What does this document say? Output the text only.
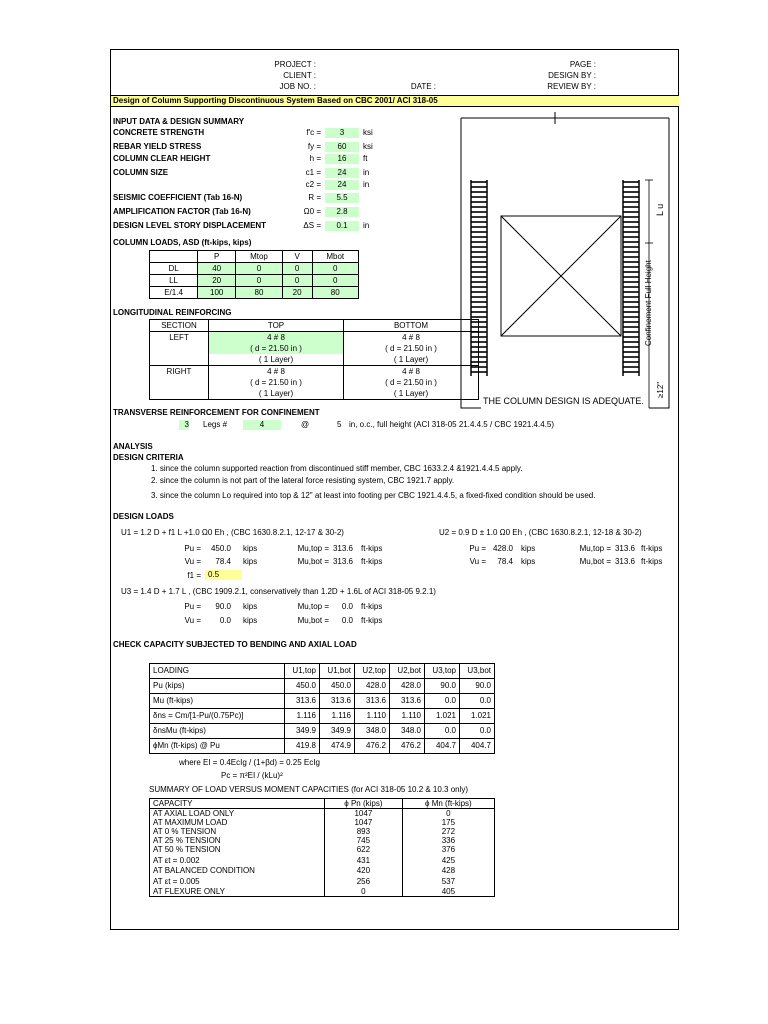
PROJECT :
CLIENT :
JOB NO. :	DATE :
PAGE :
DESIGN BY :
REVIEW BY :
Design of Column Supporting Discontinuous System Based on CBC 2001/ ACI 318-05
INPUT DATA & DESIGN SUMMARY
CONCRETE STRENGTH	f'c =	3	ksi
REBAR YIELD STRESS	fy =	60	ksi
COLUMN CLEAR HEIGHT	h =	16	ft
COLUMN SIZE	c1 =	24	in
c2 =	24	in
SEISMIC COEFFICIENT (Tab 16-N)	R =	5.5
AMPLIFICATION FACTOR (Tab 16-N)	Ω0 =	2.8
DESIGN LEVEL STORY DISPLACEMENT	ΔS =	0.1	in
COLUMN LOADS, ASD (ft-kips, kips)
	P	Mtop	V	Mbot
DL	40	0	0	0
LL	20	0	0	0
E/1.4	100	80	20	80
LONGITUDINAL REINFORCING
SECTION	TOP	BOTTOM
LEFT	4 # 8	4 # 8
	( d = 21.50 in )	( d = 21.50 in )
	( 1 Layer)	( 1 Layer)
RIGHT	4 # 8	4 # 8
	( d = 21.50 in )	( d = 21.50 in )
	( 1 Layer)	( 1 Layer)
L u
≥12"
Confinement Full Height
THE COLUMN DESIGN IS ADEQUATE.
TRANSVERSE REINFORCEMENT FOR CONFINEMENT
3 Legs #	4	@	5 in, o.c., full height (ACI 318-05 21.4.4.5 / CBC 1921.4.4.5)
ANALYSIS
DESIGN CRITERIA
1. since the column supported reaction from discontinued stiff member, CBC 1633.2.4 &1921.4.4.5 apply.
2. since the column is not part of the lateral force resisting system, CBC 1921.7 apply.
3. since the column Lo required into top & 12" at least into footing per CBC 1921.4.4.5, a fixed-fixed condition should be used.
DESIGN LOADS
U1 = 1.2 D + f1 L +1.0 Ω0 Eh , (CBC 1630.8.2.1, 12-17 & 30-2)	U2 = 0.9 D ± 1.0 Ω0 Eh , (CBC 1630.8.2.1, 12-18 & 30-2)
Pu =	450.0 kips	Mu,top = 313.6 ft-kips
Vu =	78.4 kips	Mu,bot = 313.6 ft-kips
f1 = 0.5
Pu = 428.0 kips	Mu,top = 313.6 ft-kips
Vu =	78.4 kips	Mu,bot = 313.6 ft-kips
U3 = 1.4 D + 1.7 L , (CBC 1909.2.1, conservatively than 1.2D + 1.6L of ACI 318-05 9.2.1)
Pu =	90.0 kips	Mu,top =	0.0 ft-kips
Vu =	0.0 kips	Mu,bot =	0.0 ft-kips
CHECK CAPACITY SUBJECTED TO BENDING AND AXIAL LOAD
LOADING	U1,top	U1,bot	U2,top	U2,bot	U3,top	U3,bot
Pu (kips)	450.0	450.0	428.0	428.0	90.0	90.0
Mu (ft-kips)	313.6	313.6	313.6	313.6	0.0	0.0
δns = Cm/[1-Pu/(0.75Pc)]	1.116	1.116	1.110	1.110	1.021	1.021
δnsMu (ft-kips)	349.9	349.9	348.0	348.0	0.0	0.0
ϕMn (ft-kips) @ Pu	419.8	474.9	476.2	476.2	404.7	404.7
where EI = 0.4EcIg / (1+βd) = 0.25 EcIg
Pc = π²EI / (kLu)²
SUMMARY OF LOAD VERSUS MOMENT CAPACITIES (for ACI 318-05 10.2 & 10.3 only)
CAPACITY	ϕ Pn (kips)	ϕ Mn (ft-kips)
AT AXIAL LOAD ONLY	1047	0
AT MAXIMUM LOAD	1047	175
AT 0 % TENSION	893	272
AT 25 % TENSION	745	336
AT 50 % TENSION	622	376
AT εt = 0.002	431	425
AT BALANCED CONDITION	420	428
AT εt = 0.005	256	537
AT FLEXURE ONLY	0	405
